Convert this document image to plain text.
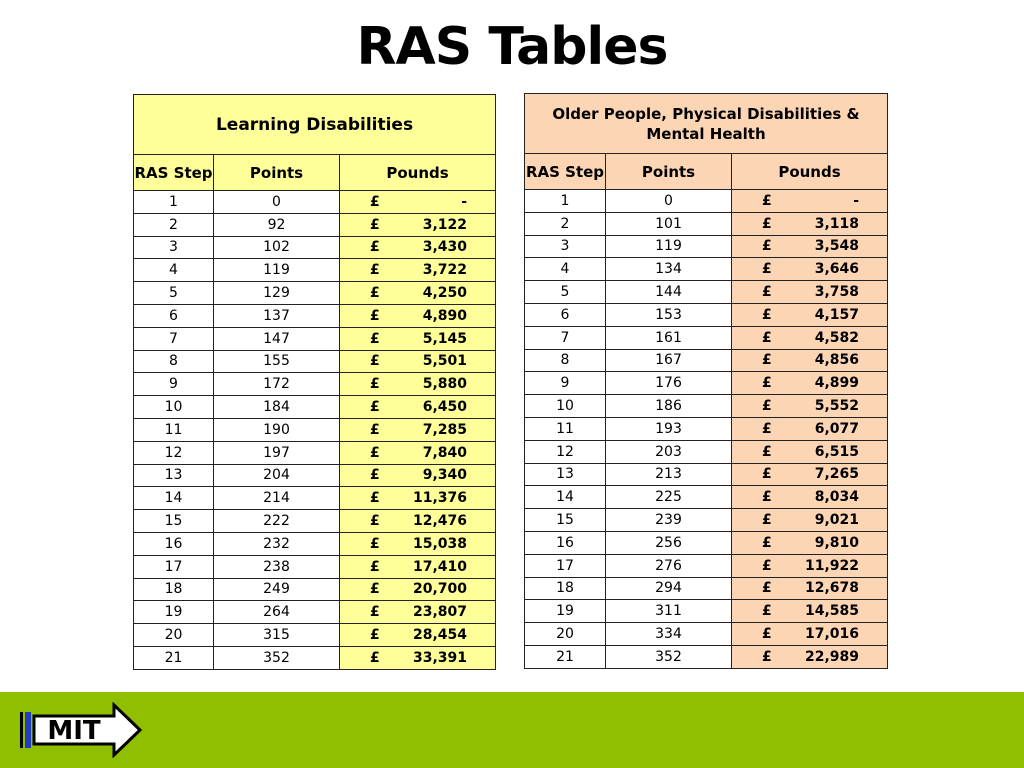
RAS Tables
Learning Disabilities		
RAS Step	Points	Pounds
1	0	£ -

2	92	£ 3,122

3	102	£ 3,430

4	119	£ 3,722

5	129	£ 4,250

6	137	£ 4,890

7	147	£ 5,145

8	155	£ 5,501

9	172	£ 5,880

10	184	£ 6,450

11	190	£ 7,285

12	197	£ 7,840

13	204	£ 9,340

14	214	£ 11,376

15	222	£ 12,476

16	232	£ 15,038

17	238	£ 17,410

18	249	£ 20,700

19	264	£ 23,807

20	315	£ 28,454

21	352	£ 33,391
Older People, Physical Disabilities & Mental Health		
RAS Step	Points	Pounds
1	0	£ -

2	101	£ 3,118

3	119	£ 3,548

4	134	£ 3,646

5	144	£ 3,758

6	153	£ 4,157

7	161	£ 4,582

8	167	£ 4,856

9	176	£ 4,899

10	186	£ 5,552

11	193	£ 6,077

12	203	£ 6,515

13	213	£ 7,265

14	225	£ 8,034

15	239	£ 9,021

16	256	£ 9,810

17	276	£ 11,922

18	294	£ 12,678

19	311	£ 14,585

20	334	£ 17,016

21	352	£ 22,989
MIT
